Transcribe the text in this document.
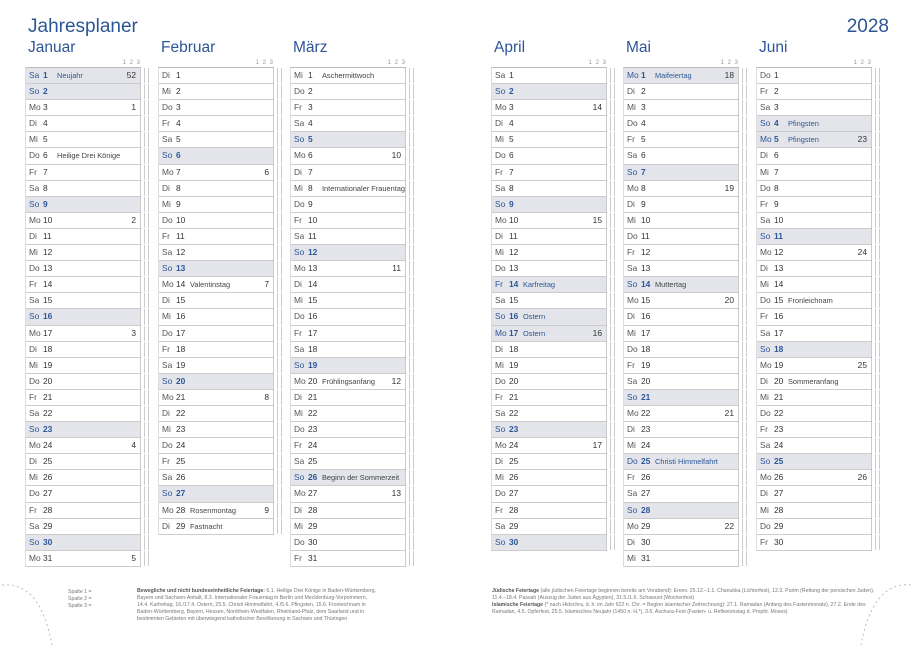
Jahresplaner	2028
Januar
1 2 3
Sa 1 Neujahr	52
So 2
Mo 3	1
Di 4
Mi 5
Do 6 Heilige Drei Könige
Fr 7
Sa 8
So 9
Mo 10	2
Di 11
Mi 12
Do 13
Fr 14
Sa 15
So 16
Mo 17	3
Di 18
Mi 19
Do 20
Fr 21
Sa 22
So 23
Mo 24	4
Di 25
Mi 26
Do 27
Fr 28
Sa 29
So 30
Mo 31	5
Februar
1 2 3
Di 1
Mi 2
Do 3
Fr 4
Sa 5
So 6
Mo 7	6
Di 8
Mi 9
Do 10
Fr 11
Sa 12
So 13
Mo 14 Valentinstag	7
Di 15
Mi 16
Do 17
Fr 18
Sa 19
So 20
Mo 21	8
Di 22
Mi 23
Do 24
Fr 25
Sa 26
So 27
Mo 28 Rosenmontag	9
Di 29 Fastnacht
März
1 2 3
Mi 1 Aschermittwoch
Do 2
Fr 3
Sa 4
So 5
Mo 6	10
Di 7
Mi 8 Internationaler Frauentag
Do 9
Fr 10
Sa 11
So 12
Mo 13	11
Di 14
Mi 15
Do 16
Fr 17
Sa 18
So 19
Mo 20 Frühlingsanfang 12
Di 21
Mi 22
Do 23
Fr 24
Sa 25
So 26 Beginn der Sommerzeit
Mo 27	13
Di 28
Mi 29
Do 30
Fr 31
April
1 2 3
Sa 1
So 2
Mo 3	14
Di 4
Mi 5
Do 6
Fr 7
Sa 8
So 9
Mo 10	15
Di 11
Mi 12
Do 13
Fr 14 Karfreitag
Sa 15
So 16 Ostern
Mo 17 Ostern	16
Di 18
Mi 19
Do 20
Fr 21
Sa 22
So 23
Mo 24	17
Di 25
Mi 26
Do 27
Fr 28
Sa 29
So 30
Mai
1 2 3
Mo 1 Maifeiertag	18
Di 2
Mi 3
Do 4
Fr 5
Sa 6
So 7
Mo 8	19
Di 9
Mi 10
Do 11
Fr 12
Sa 13
So 14 Muttertag
Mo 15	20
Di 16
Mi 17
Do 18
Fr 19
Sa 20
So 21
Mo 22	21
Di 23
Mi 24
Do 25 Christi Himmelfahrt
Fr 26
Sa 27
So 28
Mo 29	22
Di 30
Mi 31
Juni
1 2 3
Do 1
Fr 2
Sa 3
So 4 Pfingsten
Mo 5 Pfingsten	23
Di 6
Mi 7
Do 8
Fr 9
Sa 10
So 11
Mo 12	24
Di 13
Mi 14
Do 15 Fronleichnam
Fr 16
Sa 17
So 18
Mo 19	25
Di 20 Sommeranfang
Mi 21
Do 22
Fr 23
Sa 24
So 25
Mo 26	26
Di 27
Mi 28
Do 29
Fr 30
Spalte 1 =
Spalte 2 =
Spalte 3 =
Bewegliche und nicht bundeseinheitliche Feiertage: 6.1. Heilige Drei Könige in Baden-Württemberg, Bayern und Sachsen-Anhalt, 8.3. Internationaler Frauentag in Berlin und Mecklenburg-Vorpommern, 14.4. Karfreitag, 16./17.4. Ostern, 25.5. Christi Himmelfahrt, 4./5.6. Pfingsten, 15.6. Fronleichnam in Baden-Württemberg, Bayern, Hessen, Nordrhein-Westfalen, Rheinland-Pfalz, dem Saarland und in bestimmten Gebieten mit überwiegend katholischer Bevölkerung in Sachsen und Thüringen
Jüdische Feiertage (alle jüdischen Feiertage beginnen bereits am Vorabend): Ereev. 25.12.–1.1. Chanukka (Lichterfest), 12.3. Purim (Rettung der persischen Juden), 11.4.–18.4. Passah (Auszug der Juden aus Ägypten), 31.5./1.6. Schawuot (Wochenfest)
Islamische Feiertage (* nach Hidschra, d. h. im Jahr 622 n. Chr. = Beginn islamischer Zeitrechnung): 27.1. Ramadan (Anfang des Fastenmonats), 27.2. Ende des Ramadan, 4.5. Opferfest, 25.5. Islamisches Neujahr (1450 n. H.*), 3.6. Aschura-Fest (Fasten- u. Reflexionstag d. Propht. Moses)
